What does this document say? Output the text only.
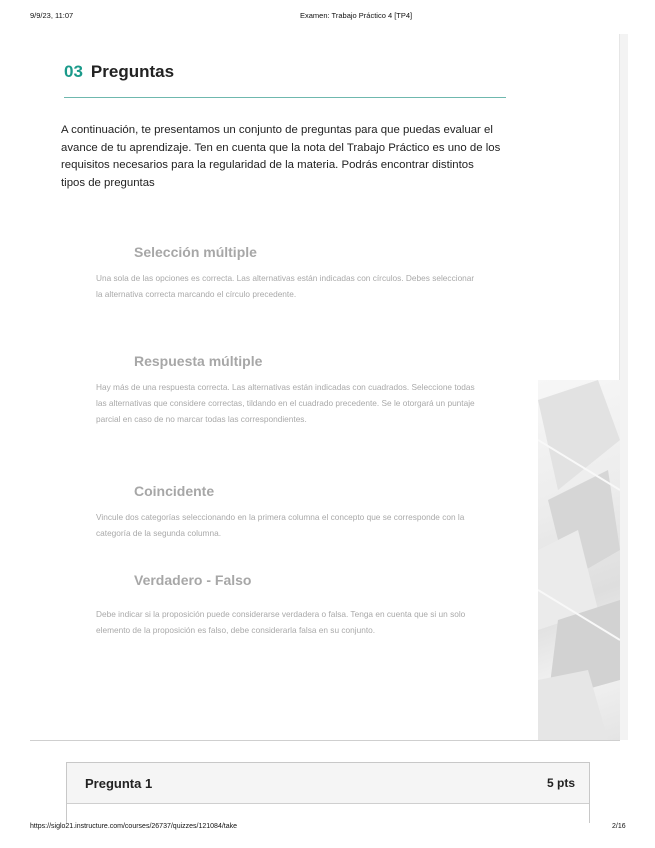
9/9/23, 11:07	Examen: Trabajo Práctico 4 [TP4]
03 Preguntas
A continuación, te presentamos un conjunto de preguntas para que puedas evaluar el avance de tu aprendizaje. Ten en cuenta que la nota del Trabajo Práctico es uno de los requisitos necesarios para la regularidad de la materia. Podrás encontrar distintos tipos de preguntas
Selección múltiple
Una sola de las opciones es correcta. Las alternativas están indicadas con círculos. Debes seleccionar la alternativa correcta marcando el círculo precedente.
Respuesta múltiple
Hay más de una respuesta correcta. Las alternativas están indicadas con cuadrados. Seleccione todas las alternativas que considere correctas, tildando en el cuadrado precedente. Se le otorgará un puntaje parcial en caso de no marcar todas las correspondientes.
Coincidente
Vincule dos categorías seleccionando en la primera columna el concepto que se corresponde con la categoría de la segunda columna.
Verdadero - Falso
Debe indicar si la proposición puede considerarse verdadera o falsa. Tenga en cuenta que si un solo elemento de la proposición es falso, debe considerarla falsa en su conjunto.
Pregunta 1	5 pts
https://siglo21.instructure.com/courses/26737/quizzes/121084/take	2/16
